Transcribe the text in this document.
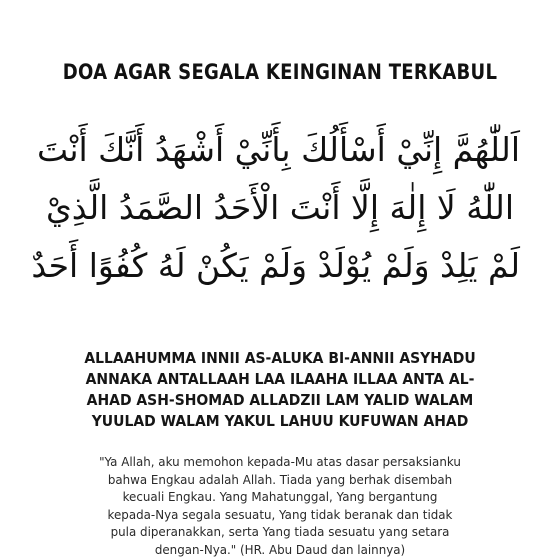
DOA AGAR SEGALA KEINGINAN TERKABUL
اَللّٰهُمَّ إِنِّيْ أَسْأَلُكَ بِأَنِّيْ أَشْهَدُ أَنَّكَ أَنْتَ
اللّٰهُ لَا إِلٰهَ إِلَّا أَنْتَ الْأَحَدُ الصَّمَدُ الَّذِيْ
لَمْ يَلِدْ وَلَمْ يُوْلَدْ وَلَمْ يَكُنْ لَهُ كُفُوًا أَحَدٌ
ALLAAHUMMA INNII AS-ALUKA BI-ANNII ASYHADU
ANNAKA ANTALLAAH LAA ILAAHA ILLAA ANTA AL-
AHAD ASH-SHOMAD ALLADZII LAM YALID WALAM
YUULAD WALAM YAKUL LAHUU KUFUWAN AHAD
"Ya Allah, aku memohon kepada-Mu atas dasar persaksianku
bahwa Engkau adalah Allah. Tiada yang berhak disembah
kecuali Engkau. Yang Mahatunggal, Yang bergantung
kepada-Nya segala sesuatu, Yang tidak beranak dan tidak
pula diperanakkan, serta Yang tiada sesuatu yang setara
dengan-Nya." (HR. Abu Daud dan lainnya)
